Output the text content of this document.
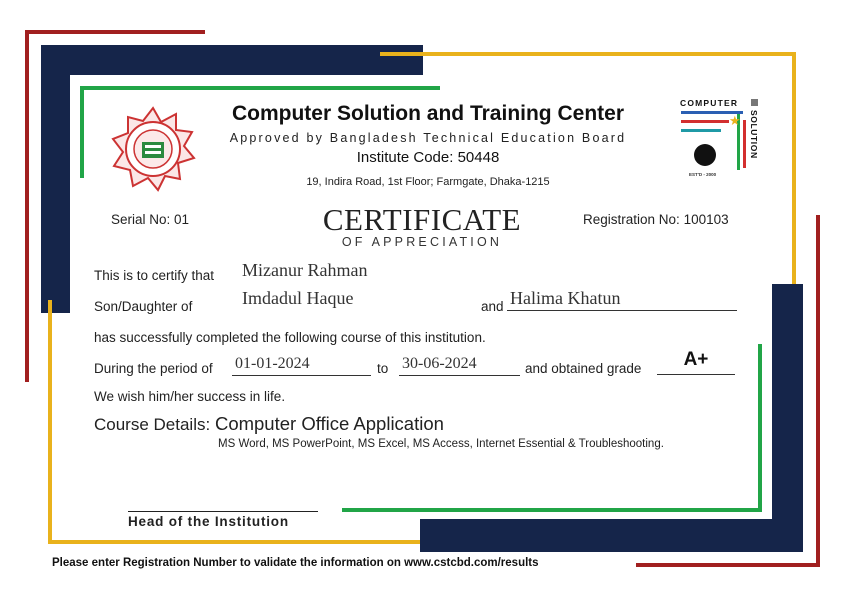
Computer Solution and Training Center
Approved by Bangladesh Technical Education Board
Institute Code: 50448
19, Indira Road, 1st Floor; Farmgate, Dhaka-1215
COMPUTER
★
EST'D - 2000
SOLUTION
Serial No: 01	CERTIFICATE
OF APPRECIATION
Registration No: 100103
This is to certify that Mizanur Rahman
Son/Daughter of	Imdadul Haque	and Halima Khatun
has successfully completed the following course of this institution.
During the period of 01-01-2024	to 30-06-2024	and obtained grade	A+
We wish him/her success in life.
Course Details: Computer Office Application
MS Word, MS PowerPoint, MS Excel, MS Access, Internet Essential & Troubleshooting.
Head of the Institution
Please enter Registration Number to validate the information on www.cstcbd.com/results
